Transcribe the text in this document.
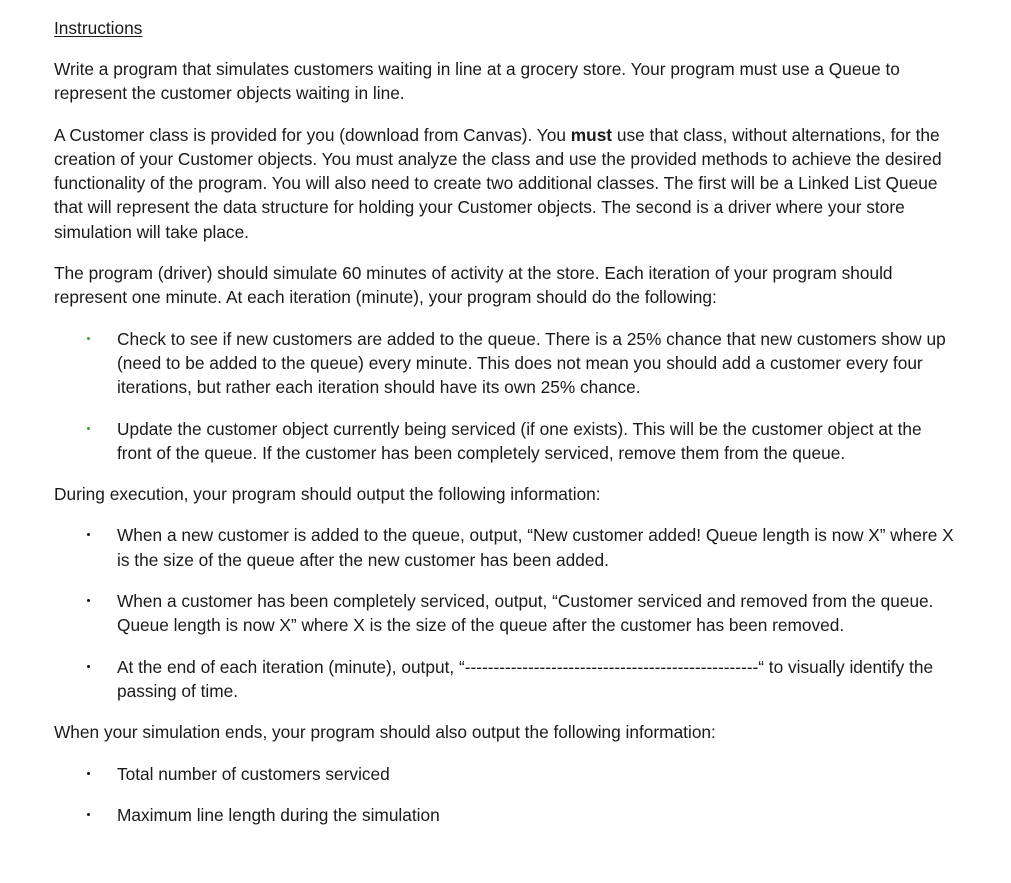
Instructions

Write a program that simulates customers waiting in line at a grocery store. Your program must use a Queue to represent the customer objects waiting in line.

A Customer class is provided for you (download from Canvas). You must use that class, without alternations, for the creation of your Customer objects. You must analyze the class and use the provided methods to achieve the desired functionality of the program. You will also need to create two additional classes. The first will be a Linked List Queue that will represent the data structure for holding your Customer objects. The second is a driver where your store simulation will take place.

The program (driver) should simulate 60 minutes of activity at the store. Each iteration of your program should represent one minute. At each iteration (minute), your program should do the following:

Check to see if new customers are added to the queue. There is a 25% chance that new customers show up (need to be added to the queue) every minute. This does not mean you should add a customer every four iterations, but rather each iteration should have its own 25% chance.
Update the customer object currently being serviced (if one exists). This will be the customer object at the front of the queue. If the customer has been completely serviced, remove them from the queue.

During execution, your program should output the following information:

When a new customer is added to the queue, output, “New customer added! Queue length is now X” where X is the size of the queue after the new customer has been added.
When a customer has been completely serviced, output, “Customer serviced and removed from the queue. Queue length is now X” where X is the size of the queue after the customer has been removed.
At the end of each iteration (minute), output, “---------------------------------------------------“ to visually identify the passing of time.

When your simulation ends, your program should also output the following information:

Total number of customers serviced
Maximum line length during the simulation
